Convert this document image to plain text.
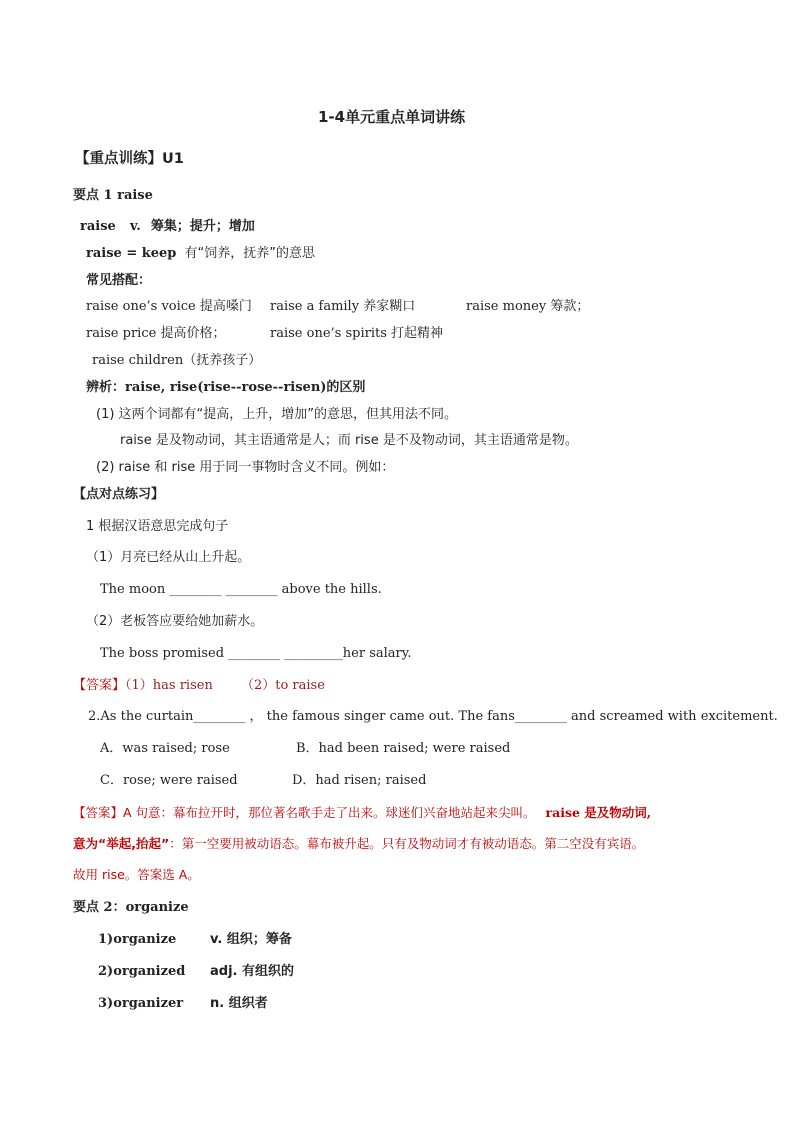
1-4单元重点单词讲练
【重点训练】U1
要点 1 raise
raise v. 筹集；提升；增加
raise = keep 有“饲养，抚养”的意思
常见搭配：
raise one’s voice 提高嗓门 raise a family 养家糊口	raise money 筹款；
raise price 提高价格；	raise one’s spirits 打起精神
raise children（抚养孩子）
辨析：raise, rise(rise--rose--risen)的区别
(1) 这两个词都有“提高，上升，增加”的意思，但其用法不同。
raise 是及物动词，其主语通常是人；而 rise 是不及物动词，其主语通常是物。
(2) raise 和 rise 用于同一事物时含义不同。例如：
【点对点练习】
1 根据汉语意思完成句子
（1）月亮已经从山上升起。
The moon ________ ________ above the hills.
（2）老板答应要给她加薪水。
The boss promised ________ _________her salary.
【答案】（1）has risen （2）to raise
2.As the curtain________ ， the famous singer came out. The fans________ and screamed with excitement.
A．was raised; rose	B．had been raised; were raised
C．rose; were raised	D．had risen; raised
【答案】A 句意：幕布拉开时，那位著名歌手走了出来。球迷们兴奋地站起来尖叫。 raise 是及物动词,
意为“举起,抬起”：第一空要用被动语态。幕布被升起。只有及物动词才有被动语态。第二空没有宾语。
故用 rise。答案选 A。
要点 2：organize
1)organize	v. 组织；筹备
2)organized adj. 有组织的
3)organizer n. 组织者
